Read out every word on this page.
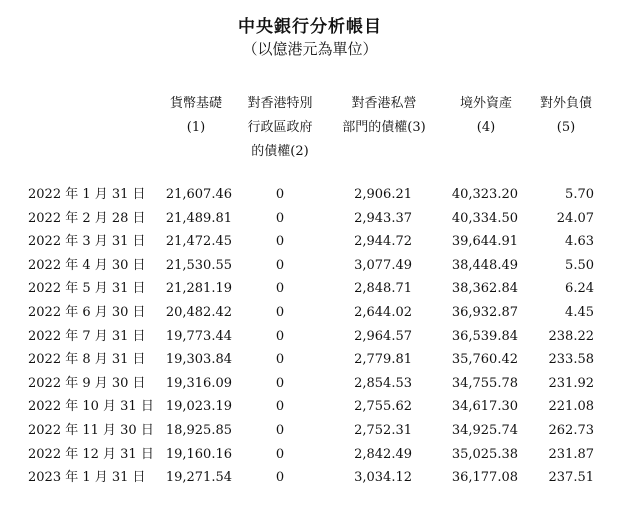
中央銀行分析帳目
（以億港元為單位）
貨幣基礎
(1)
對香港特別
行政區政府
的債權(2)
對香港私營
部門的債權(3)
境外資產
(4)
對外負債
(5)
2022 年 1 月 31 日 21,607.46	0	2,906.21	40,323.20	5.70
2022 年 2 月 28 日 21,489.81	0	2,943.37	40,334.50	24.07
2022 年 3 月 31 日 21,472.45	0	2,944.72	39,644.91	4.63
2022 年 4 月 30 日 21,530.55	0	3,077.49	38,448.49	5.50
2022 年 5 月 31 日 21,281.19	0	2,848.71	38,362.84	6.24
2022 年 6 月 30 日 20,482.42	0	2,644.02	36,932.87	4.45
2022 年 7 月 31 日 19,773.44	0	2,964.57	36,539.84 238.22
2022 年 8 月 31 日 19,303.84	0	2,779.81	35,760.42 233.58
2022 年 9 月 30 日 19,316.09	0	2,854.53	34,755.78 231.92
2022 年 10 月 31 日 19,023.19	0	2,755.62	34,617.30 221.08
2022 年 11 月 30 日 18,925.85	0	2,752.31	34,925.74 262.73
2022 年 12 月 31 日 19,160.16	0	2,842.49	35,025.38 231.87
2023 年 1 月 31 日 19,271.54	0	3,034.12	36,177.08 237.51
